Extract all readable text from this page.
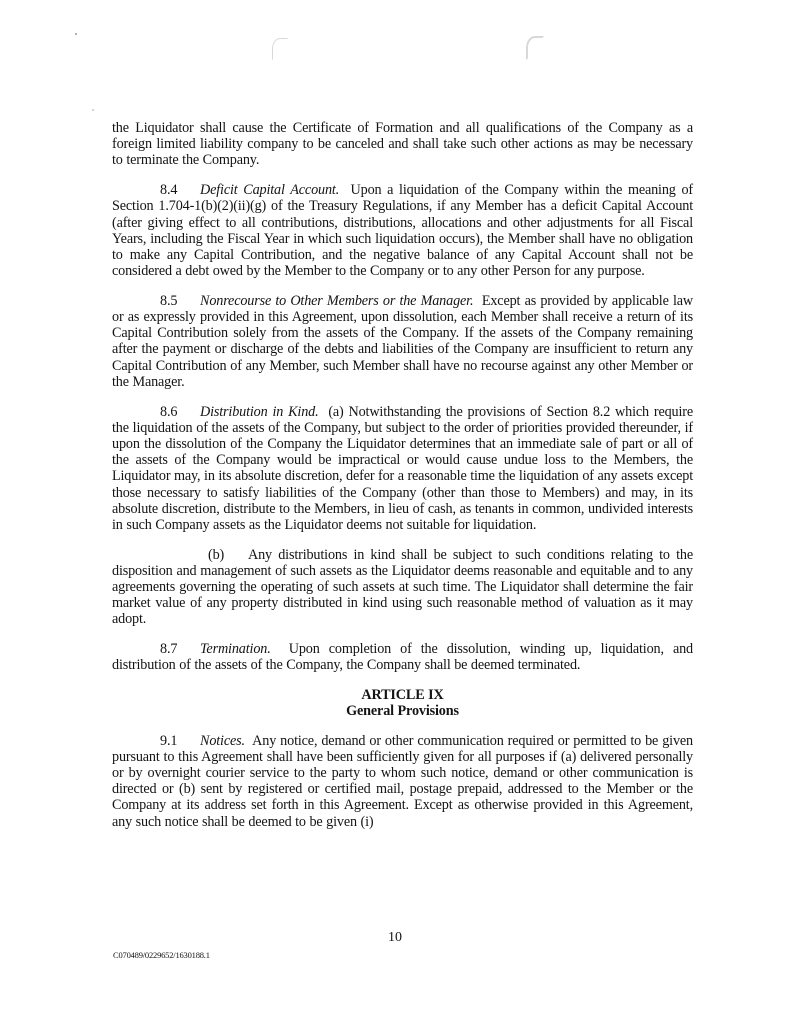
the Liquidator shall cause the Certificate of Formation and all qualifications of the Company as a foreign limited liability company to be canceled and shall take such other actions as may be necessary to terminate the Company.

8.4 Deficit Capital Account. Upon a liquidation of the Company within the meaning of Section 1.704-1(b)(2)(ii)(g) of the Treasury Regulations, if any Member has a deficit Capital Account (after giving effect to all contributions, distributions, allocations and other adjustments for all Fiscal Years, including the Fiscal Year in which such liquidation occurs), the Member shall have no obligation to make any Capital Contribution, and the negative balance of any Capital Account shall not be considered a debt owed by the Member to the Company or to any other Person for any purpose.

8.5 Nonrecourse to Other Members or the Manager. Except as provided by applicable law or as expressly provided in this Agreement, upon dissolution, each Member shall receive a return of its Capital Contribution solely from the assets of the Company. If the assets of the Company remaining after the payment or discharge of the debts and liabilities of the Company are insufficient to return any Capital Contribution of any Member, such Member shall have no recourse against any other Member or the Manager.

8.6 Distribution in Kind. (a) Notwithstanding the provisions of Section 8.2 which require the liquidation of the assets of the Company, but subject to the order of priorities provided thereunder, if upon the dissolution of the Company the Liquidator determines that an immediate sale of part or all of the assets of the Company would be impractical or would cause undue loss to the Members, the Liquidator may, in its absolute discretion, defer for a reasonable time the liquidation of any assets except those necessary to satisfy liabilities of the Company (other than those to Members) and may, in its absolute discretion, distribute to the Members, in lieu of cash, as tenants in common, undivided interests in such Company assets as the Liquidator deems not suitable for liquidation.

(b) Any distributions in kind shall be subject to such conditions relating to the disposition and management of such assets as the Liquidator deems reasonable and equitable and to any agreements governing the operating of such assets at such time. The Liquidator shall determine the fair market value of any property distributed in kind using such reasonable method of valuation as it may adopt.

8.7 Termination. Upon completion of the dissolution, winding up, liquidation, and distribution of the assets of the Company, the Company shall be deemed terminated.

ARTICLE IX
General Provisions

9.1 Notices. Any notice, demand or other communication required or permitted to be given pursuant to this Agreement shall have been sufficiently given for all purposes if (a) delivered personally or by overnight courier service to the party to whom such notice, demand or other communication is directed or (b) sent by registered or certified mail, postage prepaid, addressed to the Member or the Company at its address set forth in this Agreement. Except as otherwise provided in this Agreement, any such notice shall be deemed to be given (i)

10
C070489/0229652/1630188.1
